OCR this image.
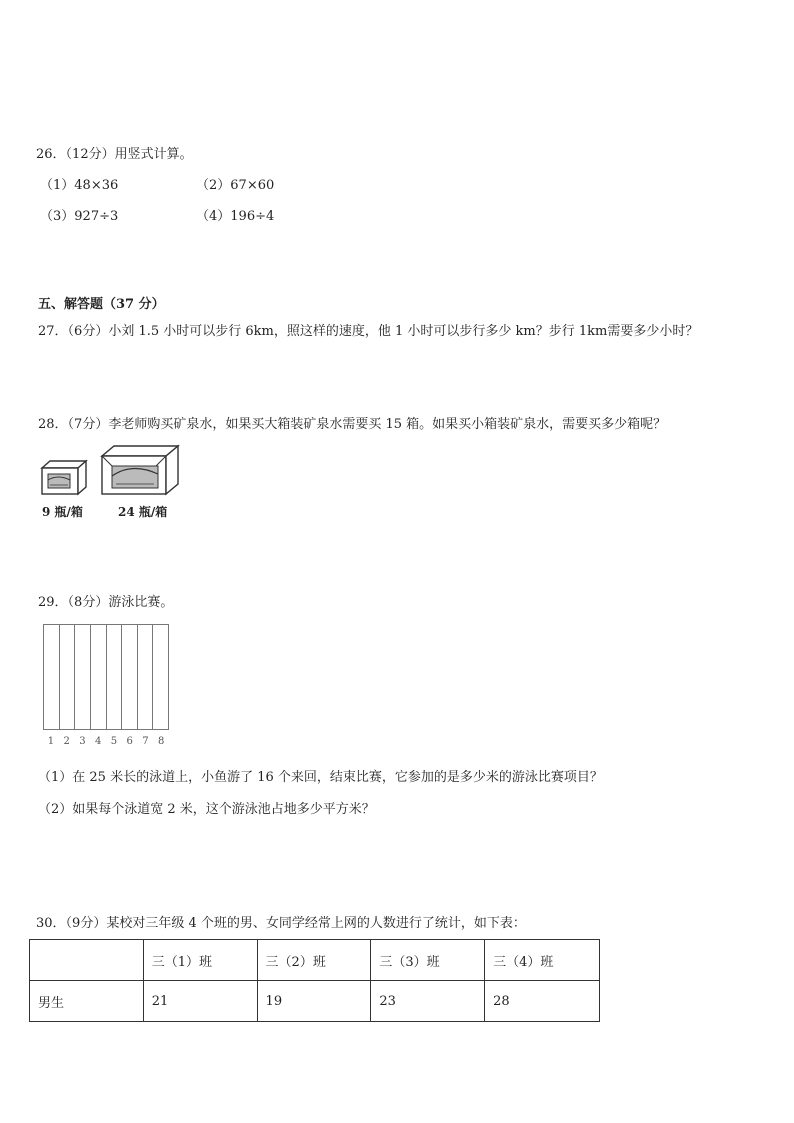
26．（12分）用竖式计算。
（1）48×36	（2）67×60
（3）927÷3	（4）196÷4
五、解答题（37 分）
27．（6分）小刘 1.5 小时可以步行 6km，照这样的速度，他 1 小时可以步行多少 km？步行 1km需要多少小时？
28．（7分）李老师购买矿泉水，如果买大箱装矿泉水需要买 15 箱。如果买小箱装矿泉水，需要买多少箱呢？
9 瓶/箱	24 瓶/箱
29．（8分）游泳比赛。
1 2 3 4 5 6 7 8
（1）在 25 米长的泳道上，小鱼游了 16 个来回，结束比赛，它参加的是多少米的游泳比赛项目？
（2）如果每个泳道宽 2 米，这个游泳池占地多少平方米？
30．（9分）某校对三年级 4 个班的男、女同学经常上网的人数进行了统计，如下表：
	三（1）班	三（2）班	三（3）班	三（4）班
男生	21	19	23	28
